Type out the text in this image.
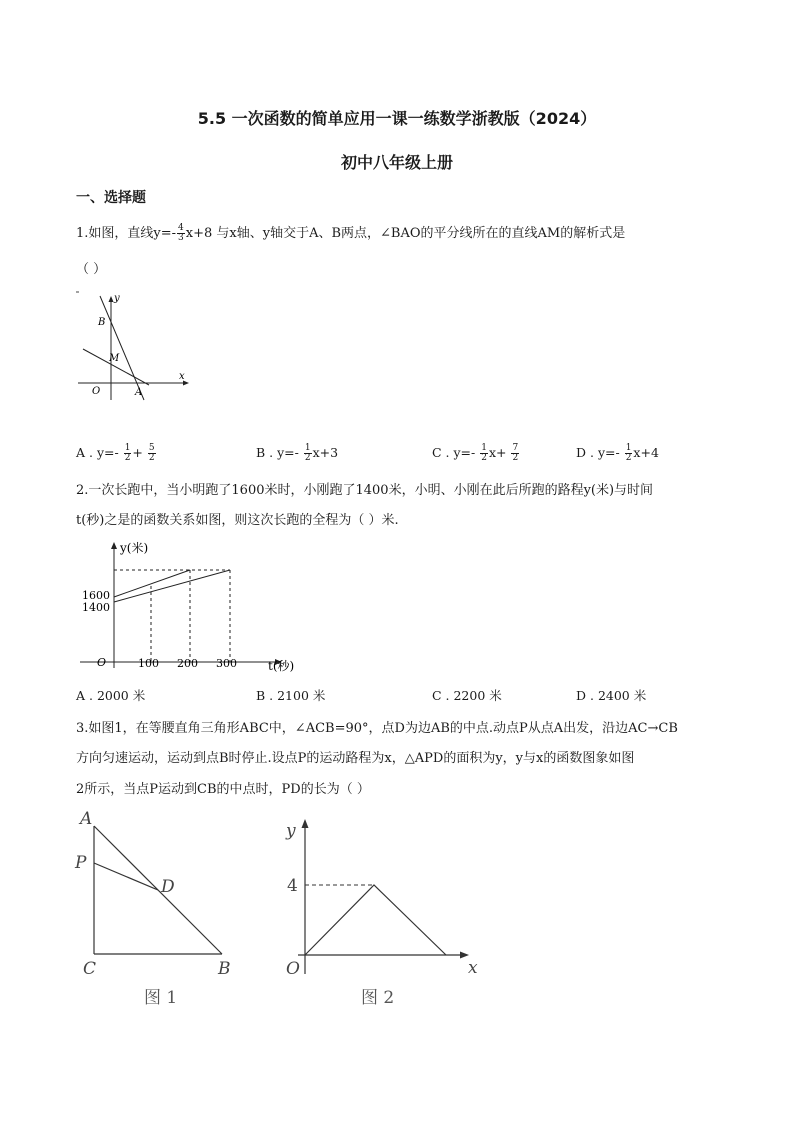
5.5 一次函数的简单应用一课一练数学浙教版（2024）
初中八年级上册
一、选择题
1.如图，直线$y=- \frac{4}{3} x+8$ 与x轴、y轴交于A、B两点，∠BAO的平分线所在的直线AM的解析式是
（ ）
B
M
O	A
x
y
A . $y=- \frac{1}{2} + \frac{5}{2}$	B . $y=- \frac{1}{2} x+3$	C . $y=- \frac{1}{2} x+ \frac{7}{2}$	D . $y=- \frac{1}{2} x+4$
2.一次长跑中，当小明跑了1600米时，小刚跑了1400米，小明、小刚在此后所跑的路程y(米)与时间
t(秒)之是的函数关系如图，则这次长跑的全程为（ ）米.
y(米)
t(秒)
O
1600
1400
100 200 300
A . 2000 米	B . 2100 米	C . 2200 米	D . 2400 米
3.如图1，在等腰直角三角形ABC中，∠ACB=90°，点D为边AB的中点.动点P从点A出发，沿边AC→CB
方向匀速运动，运动到点B时停止.设点P的运动路程为x，△APD的面积为y，y与x的函数图象如图
2所示，当点P运动到CB的中点时，PD的长为（ ）
A
P
D
C	B
图 1
y
4
O	x
图 2
